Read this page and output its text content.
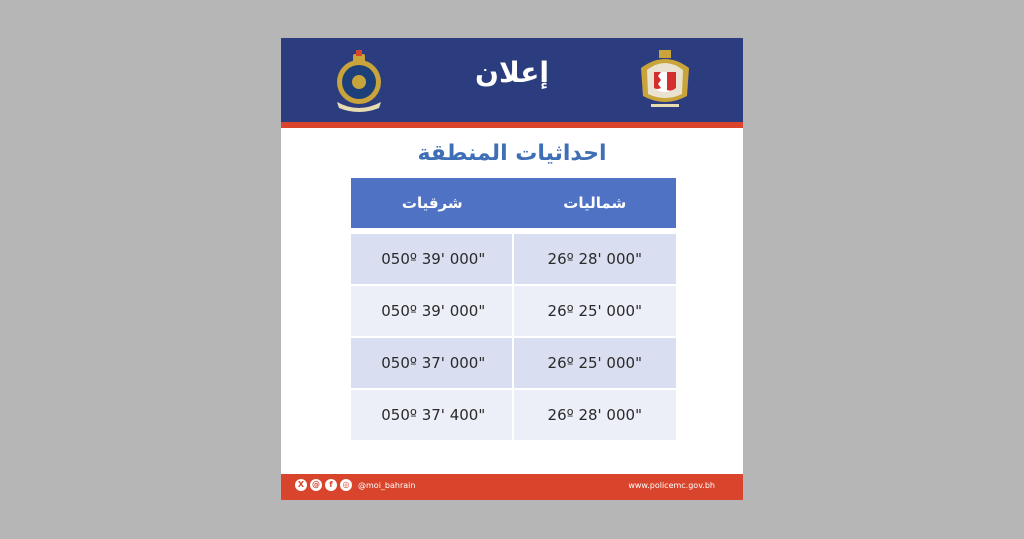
إعلان
احداثيات المنطقة
شماليات	شرقيات

26º 28' 000"	050º 39' 000"
26º 25' 000"	050º 39' 000"
26º 25' 000"	050º 37' 000"
26º 28' 000"	050º 37' 400"
X @	f	◎	@moi_bahrain	www.policemc.gov.bh
